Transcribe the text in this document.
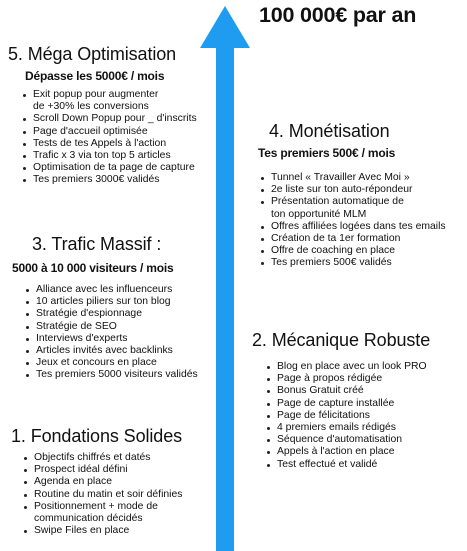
100 000€ par an
5. Méga Optimisation
Dépasse les 5000€ / mois
Exit popup pour augmenter
de +30% les conversions
Scroll Down Popup pour _ d'inscrits
Page d'accueil optimisée
Tests de tes Appels à l'action
Trafic x 3 via ton top 5 articles
Optimisation de ta page de capture
Tes premiers 3000€ validés
4. Monétisation
Tes premiers 500€ / mois
Tunnel « Travailler Avec Moi »
2e liste sur ton auto-répondeur
Présentation automatique de
ton opportunité MLM
Offres affiliées logées dans tes emails
Création de ta 1er formation
Offre de coaching en place
Tes premiers 500€ validés
3. Trafic Massif :
5000 à 10 000 visiteurs / mois
Alliance avec les influenceurs
10 articles piliers sur ton blog
Stratégie d'espionnage
Stratégie de SEO
Interviews d'experts
Articles invités avec backlinks
Jeux et concours en place
Tes premiers 5000 visiteurs validés
2. Mécanique Robuste
Blog en place avec un look PRO
Page à propos rédigée
Bonus Gratuit créé
Page de capture installée
Page de félicitations
4 premiers emails rédigés
Séquence d'automatisation
Appels à l'action en place
Test effectué et validé
1. Fondations Solides
Objectifs chiffrés et datés
Prospect idéal défini
Agenda en place
Routine du matin et soir définies
Positionnement + mode de
communication décidés
Swipe Files en place
